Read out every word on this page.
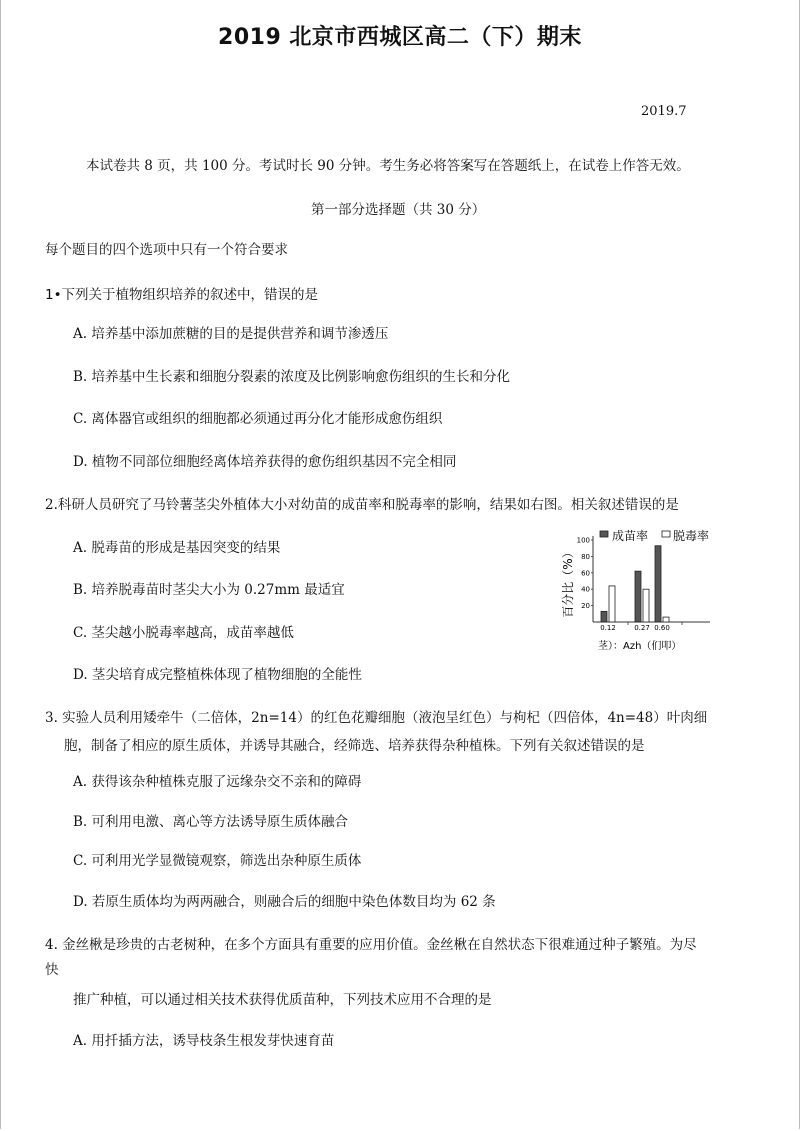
2019 北京市西城区高二（下）期末
2019.7
本试卷共 8 页，共 100 分。考试时长 90 分钟。考生务必将答案写在答题纸上，在试卷上作答无效。
第一部分选择题（共 30 分）
每个题目的四个选项中只有一个符合要求
1•下列关于植物组织培养的叙述中，错误的是
A. 培养基中添加蔗糖的目的是提供营养和调节渗透压
B. 培养基中生长素和细胞分裂素的浓度及比例影响愈伤组织的生长和分化
C. 离体器官或组织的细胞都必须通过再分化才能形成愈伤组织
D. 植物不同部位细胞经离体培养获得的愈伤组织基因不完全相同
2.科研人员研究了马铃薯茎尖外植体大小对幼苗的成苗率和脱毒率的影响，结果如右图。相关叙述错误的是
A. 脱毒苗的形成是基因突变的结果
B. 培养脱毒苗时茎尖大小为 0.27mm 最适宜
C. 茎尖越小脱毒率越高，成苗率越低
D. 茎尖培育成完整植株体现了植物细胞的全能性
100
80
60
40
20
百分比（%）
0.12	0.27 0.60
成苗率 脱毒率
茎）：Azh（们叩）
3. 实验人员利用矮牵牛（二倍体，2n=14）的红色花瓣细胞（液泡呈红色）与枸杞（四倍体，4n=48）叶肉细
胞，制备了相应的原生质体，并诱导其融合，经筛选、培养获得杂种植株。下列有关叙述错误的是
A. 获得该杂种植株克服了远缘杂交不亲和的障碍
B. 可利用电激、离心等方法诱导原生质体融合
C. 可利用光学显微镜观察，筛选出杂种原生质体
D. 若原生质体均为两两融合，则融合后的细胞中染色体数目均为 62 条
4. 金丝楸是珍贵的古老树种，在多个方面具有重要的应用价值。金丝楸在自然状态下很难通过种子繁殖。为尽
快
推广种植，可以通过相关技术获得优质苗种，下列技术应用不合理的是
A. 用扦插方法，诱导枝条生根发芽快速育苗
